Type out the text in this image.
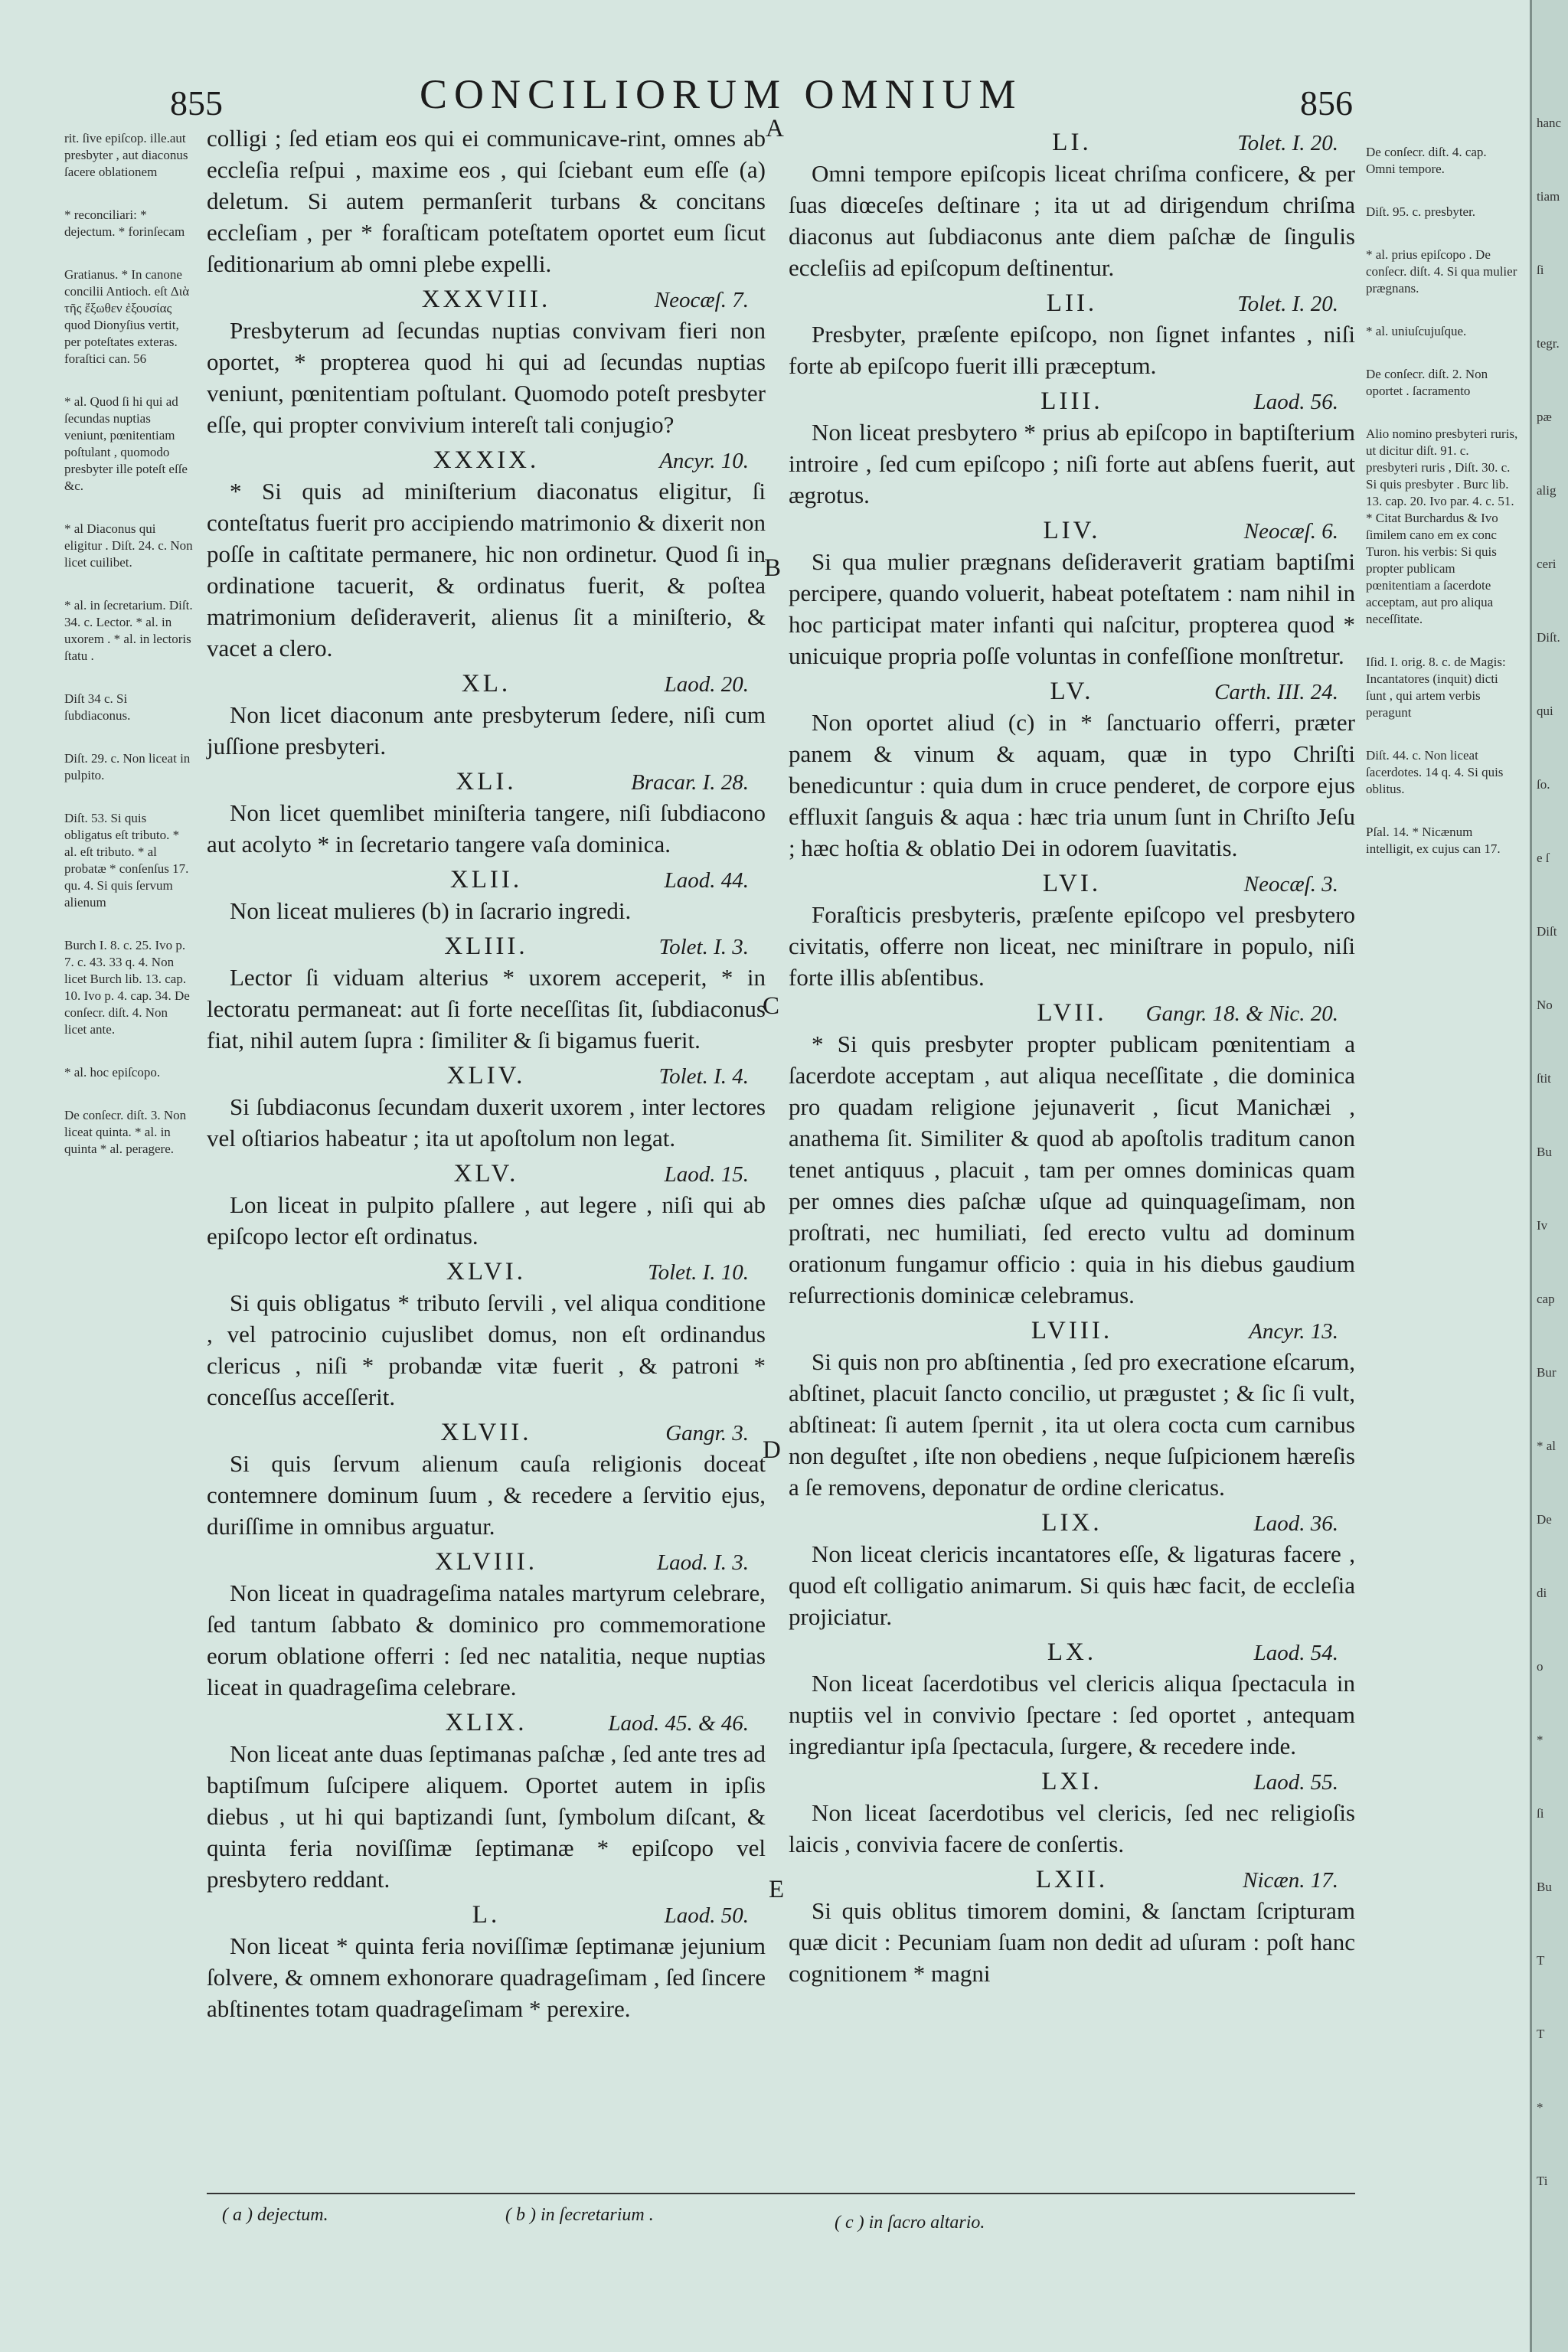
855	CONCILIORUM OMNIUM	856

rit. ſive epiſcop. ille.aut presbyter , aut diaconus ſacere oblationem

* reconciliari: * dejectum. * forinſecam

Gratianus. * In canone concilii Antioch. eſt Διὰ τῆς ἔξωθεν ἐξουσίας quod Dionyſius vertit, per poteſtates exteras. foraſtici can. 56

* al. Quod ſi hi qui ad ſecundas nuptias veniunt, pœnitentiam poſtulant , quomodo presbyter ille poteſt eſſe &c.

* al Diaconus qui eligitur . Diſt. 24. c. Non licet cuilibet.

* al. in ſecretarium. Diſt. 34. c. Lector. * al. in uxorem . * al. in lectoris ſtatu .

Diſt 34 c. Si ſubdiaconus.

Diſt. 29. c. Non liceat in pulpito.

Diſt. 53. Si quis obligatus eſt tributo. * al. eſt tributo. * al probatæ * conſenſus 17. qu. 4. Si quis ſervum alienum

Burch I. 8. c. 25. Ivo p. 7. c. 43. 33 q. 4. Non licet Burch lib. 13. cap. 10. Ivo p. 4. cap. 34. De conſecr. diſt. 4. Non licet ante.

* al. hoc epiſcopo.

De conſecr. diſt. 3. Non liceat quinta. * al. in quinta * al. peragere.

colligi ; ſed etiam eos qui ei communicave-rint, omnes ab eccleſia reſpui , maxime eos , qui ſciebant eum eſſe (a) deletum. Si autem permanſerit turbans & concitans eccleſiam , per * foraſticam poteſtatem oportet eum ſicut ſeditionarium ab omni plebe expelli.

XXXVIII.	Neocæſ. 7.

Presbyterum ad ſecundas nuptias convivam fieri non oportet, * propterea quod hi qui ad ſecundas nuptias veniunt, pœnitentiam poſtulant. Quomodo poteſt presbyter eſſe, qui propter convivium intereſt tali conjugio?

XXXIX.	Ancyr. 10.

* Si quis ad miniſterium diaconatus eligitur, ſi conteſtatus fuerit pro accipiendo matrimonio & dixerit non poſſe in caſtitate permanere, hic non ordinetur. Quod ſi in ordinatione tacuerit, & ordinatus fuerit, & poſtea matrimonium deſideraverit, alienus ſit a miniſterio, & vacet a clero.

XL.	Laod. 20.

Non licet diaconum ante presbyterum ſedere, niſi cum juſſione presbyteri.

XLI.	Bracar. I. 28.

Non licet quemlibet miniſteria tangere, niſi ſubdiacono aut acolyto * in ſecretario tangere vaſa dominica.

XLII.	Laod. 44.

Non liceat mulieres (b) in ſacrario ingredi.

XLIII.	Tolet. I. 3.

Lector ſi viduam alterius * uxorem acceperit, * in lectoratu permaneat: aut ſi forte neceſſitas ſit, ſubdiaconus fiat, nihil autem ſupra : ſimiliter & ſi bigamus fuerit.

XLIV.	Tolet. I. 4.

Si ſubdiaconus ſecundam duxerit uxorem , inter lectores vel oſtiarios habeatur ; ita ut apoſtolum non legat.

XLV.	Laod. 15.

Lon liceat in pulpito pſallere , aut legere , niſi qui ab epiſcopo lector eſt ordinatus.

XLVI.	Tolet. I. 10.

Si quis obligatus * tributo ſervili , vel aliqua conditione , vel patrocinio cujuslibet domus, non eſt ordinandus clericus , niſi * probandæ vitæ fuerit , & patroni * conceſſus acceſſerit.

XLVII.	Gangr. 3.

Si quis ſervum alienum cauſa religionis doceat contemnere dominum ſuum , & recedere a ſervitio ejus, duriſſime in omnibus arguatur.

XLVIII.	Laod. I. 3.

Non liceat in quadrageſima natales martyrum celebrare, ſed tantum ſabbato & dominico pro commemoratione eorum oblatione offerri : ſed nec natalitia, neque nuptias liceat in quadrageſima celebrare.

XLIX.	Laod. 45. & 46.

Non liceat ante duas ſeptimanas paſchæ , ſed ante tres ad baptiſmum ſuſcipere aliquem. Oportet autem in ipſis diebus , ut hi qui baptizandi ſunt, ſymbolum diſcant, & quinta feria noviſſimæ ſeptimanæ * epiſcopo vel presbytero reddant.

L.	Laod. 50.

Non liceat * quinta feria noviſſimæ ſeptimanæ jejunium ſolvere, & omnem exhonorare quadrageſimam , ſed ſincere abſtinentes totam quadrageſimam * perexire.

LI.	Tolet. I. 20.

Omni tempore epiſcopis liceat chriſma conficere, & per ſuas diœceſes deſtinare ; ita ut ad dirigendum chriſma diaconus aut ſubdiaconus ante diem paſchæ de ſingulis eccleſiis ad epiſcopum deſtinentur.

LII.	Tolet. I. 20.

Presbyter, præſente epiſcopo, non ſignet infantes , niſi forte ab epiſcopo fuerit illi præceptum.

LIII.	Laod. 56.

Non liceat presbytero * prius ab epiſcopo in baptiſterium introire , ſed cum epiſcopo ; niſi forte aut abſens fuerit, aut ægrotus.

LIV.	Neocæſ. 6.

Si qua mulier prægnans deſideraverit gratiam baptiſmi percipere, quando voluerit, habeat poteſtatem : nam nihil in hoc participat mater infanti qui naſcitur, propterea quod * unicuique propria poſſe voluntas in confeſſione monſtretur.

LV.	Carth. III. 24.

Non oportet aliud (c) in * ſanctuario offerri, præter panem & vinum & aquam, quæ in typo Chriſti benedicuntur : quia dum in cruce penderet, de corpore ejus effluxit ſanguis & aqua : hæc tria unum ſunt in Chriſto Jeſu ; hæc hoſtia & oblatio Dei in odorem ſuavitatis.

LVI.	Neocæſ. 3.

Foraſticis presbyteris, præſente epiſcopo vel presbytero civitatis, offerre non liceat, nec miniſtrare in populo, niſi forte illis abſentibus.

LVII.	Gangr. 18. & Nic. 20.

* Si quis presbyter propter publicam pœnitentiam a ſacerdote acceptam , aut aliqua neceſſitate , die dominica pro quadam religione jejunaverit , ſicut Manichæi , anathema ſit. Similiter & quod ab apoſtolis traditum canon tenet antiquus , placuit , tam per omnes dominicas quam per omnes dies paſchæ uſque ad quinquageſimam, non proſtrati, nec humiliati, ſed erecto vultu ad dominum orationum fungamur officio : quia in his diebus gaudium reſurrectionis dominicæ celebramus.

LVIII.	Ancyr. 13.

Si quis non pro abſtinentia , ſed pro execratione eſcarum, abſtinet, placuit ſancto concilio, ut prægustet ; & ſic ſi vult, abſtineat: ſi autem ſpernit , ita ut olera cocta cum carnibus non deguſtet , iſte non obediens , neque ſuſpicionem hæreſis a ſe removens, deponatur de ordine clericatus.

LIX.	Laod. 36.

Non liceat clericis incantatores eſſe, & ligaturas facere , quod eſt colligatio animarum. Si quis hæc facit, de eccleſia projiciatur.

LX.	Laod. 54.

Non liceat ſacerdotibus vel clericis aliqua ſpectacula in nuptiis vel in convivio ſpectare : ſed oportet , antequam ingrediantur ipſa ſpectacula, ſurgere, & recedere inde.

LXI.	Laod. 55.

Non liceat ſacerdotibus vel clericis, ſed nec religioſis laicis , convivia facere de conſertis.

LXII.	Nicæn. 17.

Si quis oblitus timorem domini, & ſanctam ſcripturam quæ dicit : Pecuniam ſuam non dedit ad uſuram : poſt hanc cognitionem * magni

De conſecr. diſt. 4. cap. Omni tempore.

Diſt. 95. c. presbyter.

* al. prius epiſcopo . De conſecr. diſt. 4. Si qua mulier prægnans.

* al. uniuſcujuſque.

De conſecr. diſt. 2. Non oportet . ſacramento

Alio nomino presbyteri ruris, ut dicitur diſt. 91. c. presbyteri ruris , Diſt. 30. c. Si quis presbyter . Burc lib. 13. cap. 20. Ivo par. 4. c. 51. * Citat Burchardus & Ivo ſimilem cano em ex conc Turon. his verbis: Si quis propter publicam pœnitentiam a ſacerdote acceptam, aut pro aliqua neceſſitate.

Iſid. I. orig. 8. c. de Magis: Incantatores (inquit) dicti ſunt , qui artem verbis peragunt

Diſt. 44. c. Non liceat ſacerdotes. 14 q. 4. Si quis oblitus.

Pſal. 14. * Nicænum intelligit, ex cujus can 17.

A
B
C
D
E
( a ) dejectum.	( b ) in ſecretarium .	( c ) in ſacro altario.
hanc
tiam
ſi
tegr.
pæ
alig
ceri
Diſt.
qui
ſo.
e ſ
Diſt
No
ſtit
Bu
Iv
cap
Bur
* al
De
di
o
*
ſi
Bu
T
T
*
Ti
